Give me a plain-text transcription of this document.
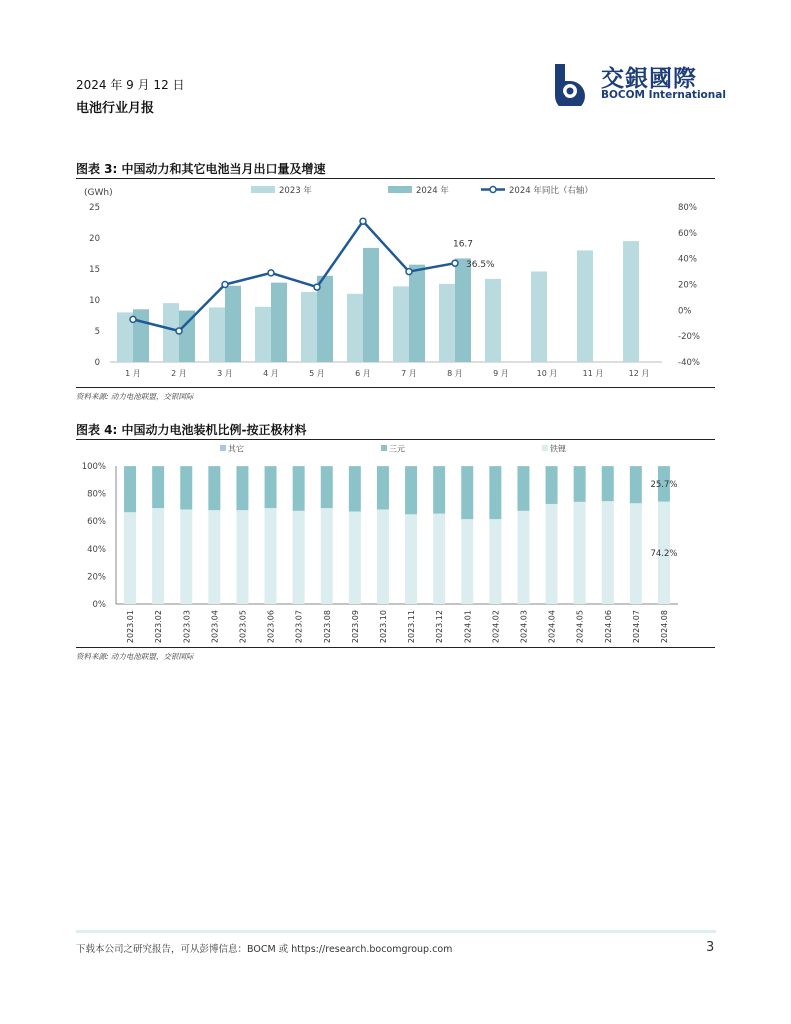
2024 年 9 月 12 日
电池行业月报
交銀國際
BOCOM International
图表 3: 中国动力和其它电池当月出口量及增速
(GWh)
0
5
10
15
20
25
-40%
-20%
0%
20%
40%
60%
80%
1 月	2 月	3 月	4 月	5 月	6 月	7 月	8 月	9 月	10 月	11 月	12 月
16.7
36.5%
2023 年	2024 年	2024 年同比（右轴）
资料来源: 动力电池联盟，交银国际
图表 4: 中国动力电池装机比例-按正极材料
0%
20%
40%
60%
80%
100%
2023.01 2023.02 2023.03 2023.04 2023.05 2023.06 2023.07 2023.08 2023.09 2023.10 2023.11 2023.12 2024.01 2024.02 2024.03 2024.04 2024.05 2024.06 2024.07 2024.08
25.7%
74.2%
其它	三元	铁锂
资料来源: 动力电池联盟，交银国际
下载本公司之研究报告，可从彭博信息：BOCM 或 https://research.bocomgroup.com	3
